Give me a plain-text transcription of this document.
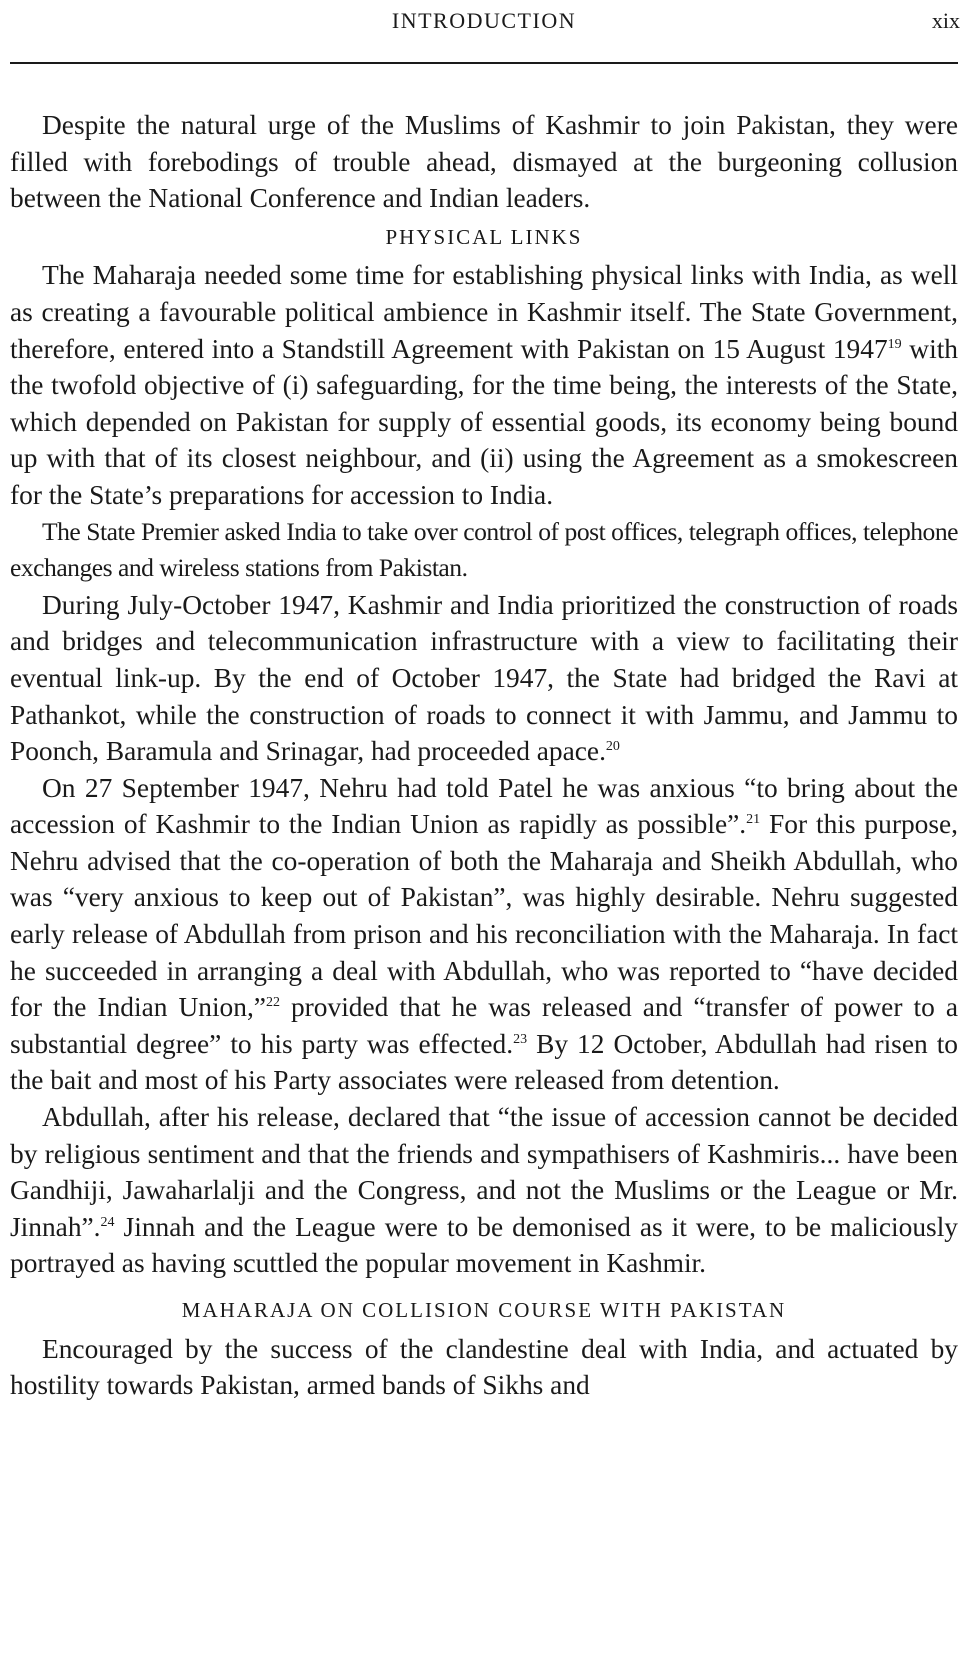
INTRODUCTION	xix

Despite the natural urge of the Muslims of Kashmir to join Pakistan, they were filled with forebodings of trouble ahead, dismayed at the burgeoning collusion between the National Conference and Indian leaders.

PHYSICAL LINKS

The Maharaja needed some time for establishing physical links with India, as well as creating a favourable political ambience in Kashmir itself. The State Government, therefore, entered into a Standstill Agreement with Pakistan on 15 August 1947$^{19}$ with the twofold objective of (i) safeguarding, for the time being, the interests of the State, which depended on Pakistan for supply of essential goods, its economy being bound up with that of its closest neighbour, and (ii) using the Agreement as a smokescreen for the State’s preparations for accession to India.

The State Premier asked India to take over control of post offices, telegraph offices, telephone exchanges and wireless stations from Pakistan.

During July-October 1947, Kashmir and India prioritized the construction of roads and bridges and telecommunication infrastructure with a view to facilitating their eventual link-up. By the end of October 1947, the State had bridged the Ravi at Pathankot, while the construction of roads to connect it with Jammu, and Jammu to Poonch, Baramula and Srinagar, had proceeded apace.$^{20}$

On 27 September 1947, Nehru had told Patel he was anxious “to bring about the accession of Kashmir to the Indian Union as rapidly as possible”.$^{21}$ For this purpose, Nehru advised that the co-operation of both the Maharaja and Sheikh Abdullah, who was “very anxious to keep out of Pakistan”, was highly desirable. Nehru suggested early release of Abdullah from prison and his reconciliation with the Maharaja. In fact he succeeded in arranging a deal with Abdullah, who was reported to “have decided for the Indian Union,”$^{22}$ provided that he was released and “transfer of power to a substantial degree” to his party was effected.$^{23}$ By 12 October, Abdullah had risen to the bait and most of his Party associates were released from detention.

Abdullah, after his release, declared that “the issue of accession cannot be decided by religious sentiment and that the friends and sympathisers of Kashmiris... have been Gandhiji, Jawaharlalji and the Congress, and not the Muslims or the League or Mr. Jinnah”.$^{24}$ Jinnah and the League were to be demonised as it were, to be maliciously portrayed as having scuttled the popular movement in Kashmir.

MAHARAJA ON COLLISION COURSE WITH PAKISTAN

Encouraged by the success of the clandestine deal with India, and actuated by hostility towards Pakistan, armed bands of Sikhs and
